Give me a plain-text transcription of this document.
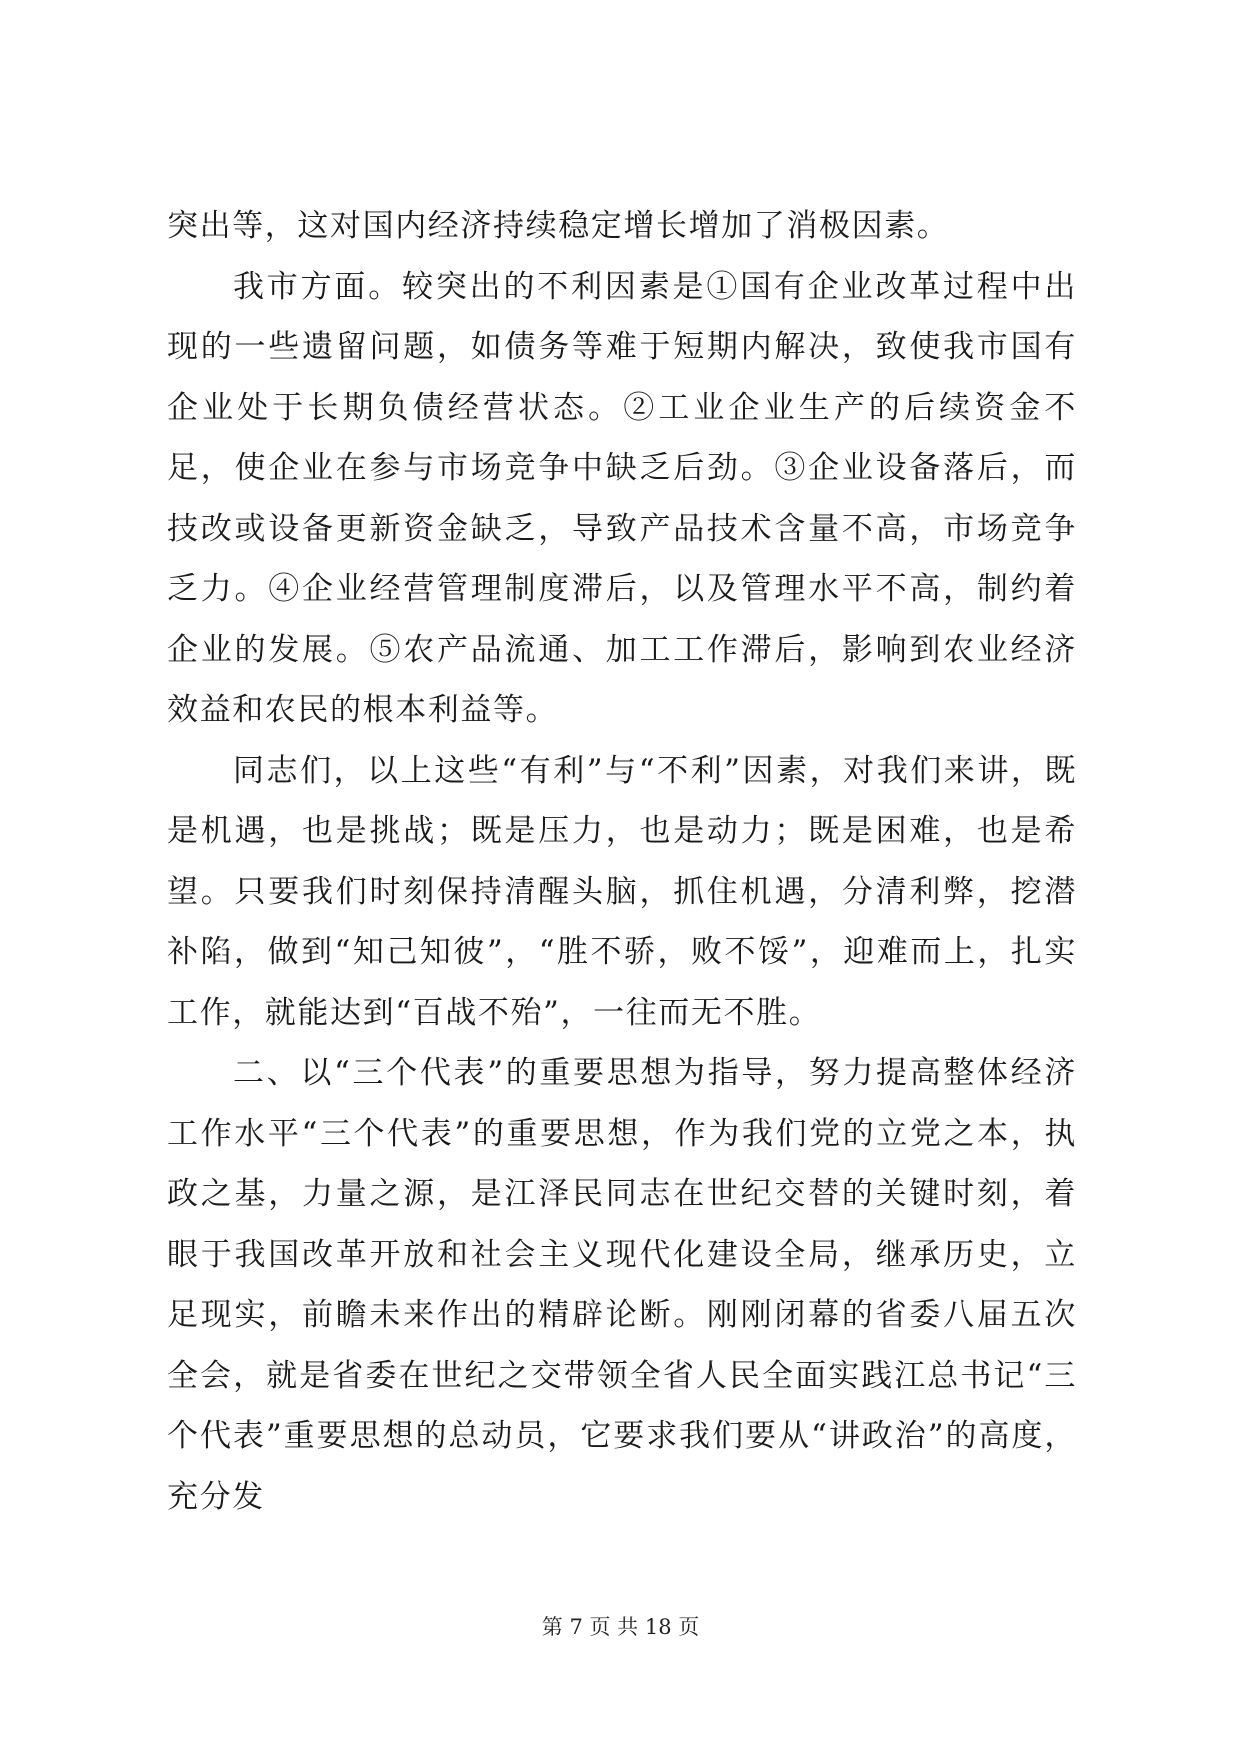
突出等，这对国内经济持续稳定增长增加了消极因素。

我市方面。较突出的不利因素是①国有企业改革过程中出现的一些遗留问题，如债务等难于短期内解决，致使我市国有企业处于长期负债经营状态。②工业企业生产的后续资金不足，使企业在参与市场竞争中缺乏后劲。③企业设备落后，而技改或设备更新资金缺乏，导致产品技术含量不高，市场竞争乏力。④企业经营管理制度滞后，以及管理水平不高，制约着企业的发展。⑤农产品流通、加工工作滞后，影响到农业经济效益和农民的根本利益等。

同志们，以上这些“有利”与“不利”因素，对我们来讲，既是机遇，也是挑战；既是压力，也是动力；既是困难，也是希望。只要我们时刻保持清醒头脑，抓住机遇，分清利弊，挖潜补陷，做到“知己知彼”，“胜不骄，败不馁”，迎难而上，扎实工作，就能达到“百战不殆”，一往而无不胜。

二、以“三个代表”的重要思想为指导，努力提高整体经济工作水平“三个代表”的重要思想，作为我们党的立党之本，执政之基，力量之源，是江泽民同志在世纪交替的关键时刻，着眼于我国改革开放和社会主义现代化建设全局，继承历史，立足现实，前瞻未来作出的精辟论断。刚刚闭幕的省委八届五次全会，就是省委在世纪之交带领全省人民全面实践江总书记“三个代表”重要思想的总动员，它要求我们要从“讲政治”的高度，充分发

第 7 页 共 18 页
